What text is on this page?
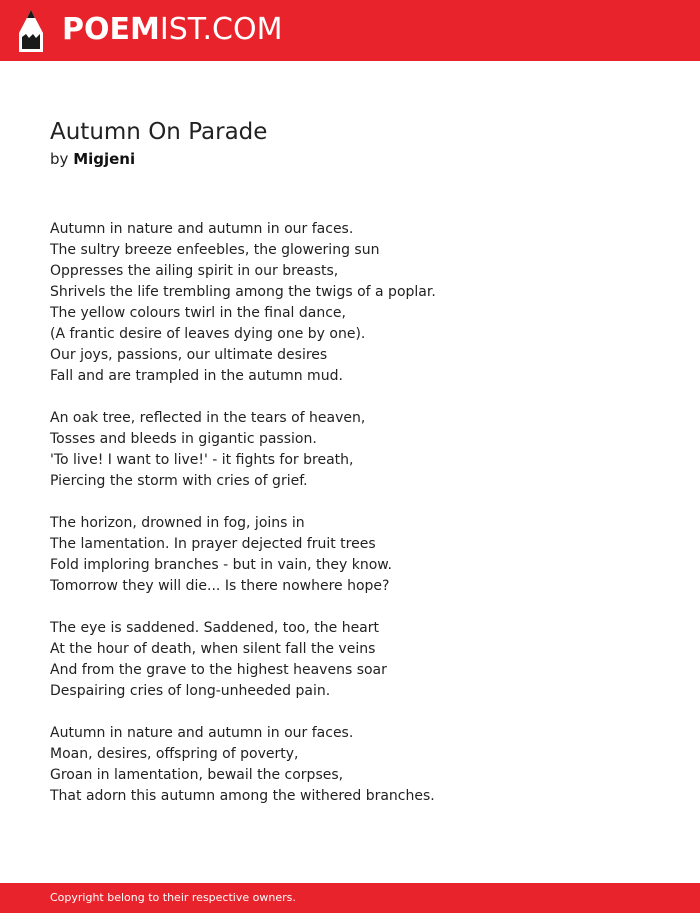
POEMIST.COM
Autumn On Parade
by Migjeni
Autumn in nature and autumn in our faces.
The sultry breeze enfeebles, the glowering sun
Oppresses the ailing spirit in our breasts,
Shrivels the life trembling among the twigs of a poplar.
The yellow colours twirl in the final dance,
(A frantic desire of leaves dying one by one).
Our joys, passions, our ultimate desires
Fall and are trampled in the autumn mud.
An oak tree, reflected in the tears of heaven,
Tosses and bleeds in gigantic passion.
'To live! I want to live!' - it fights for breath,
Piercing the storm with cries of grief.
The horizon, drowned in fog, joins in
The lamentation. In prayer dejected fruit trees
Fold imploring branches - but in vain, they know.
Tomorrow they will die... Is there nowhere hope?
The eye is saddened. Saddened, too, the heart
At the hour of death, when silent fall the veins
And from the grave to the highest heavens soar
Despairing cries of long-unheeded pain.
Autumn in nature and autumn in our faces.
Moan, desires, offspring of poverty,
Groan in lamentation, bewail the corpses,
That adorn this autumn among the withered branches.
Copyright belong to their respective owners.
